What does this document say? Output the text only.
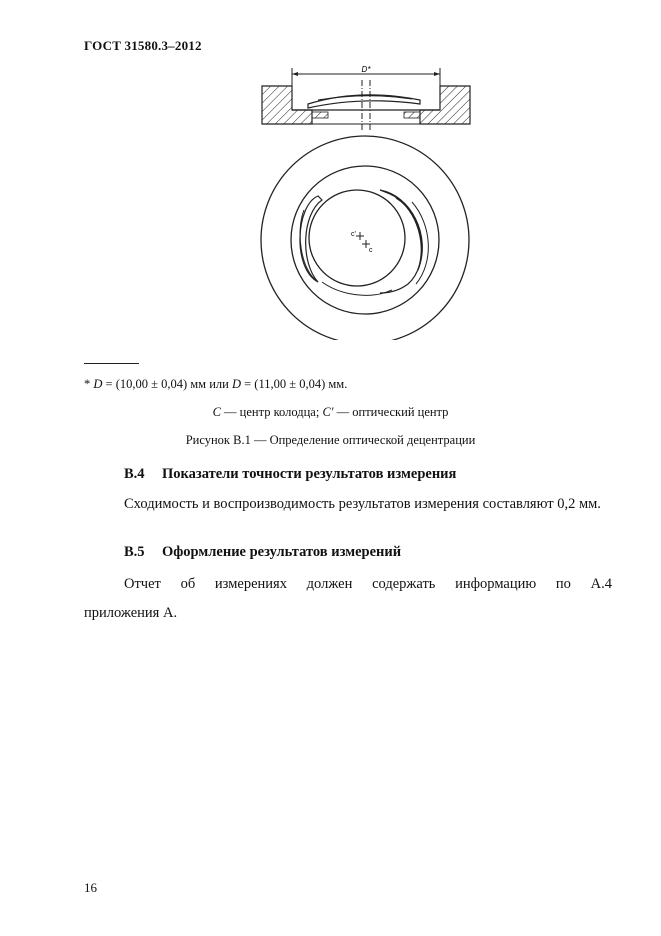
ГОСТ 31580.3–2012
D*
c'
c
* D = (10,00 ± 0,04) мм или D = (11,00 ± 0,04) мм.
C — центр колодца; C′ — оптический центр
Рисунок В.1 — Определение оптической децентрации
В.4 Показатели точности результатов измерения
Сходимость и воспроизводимость результатов измерения составляют 0,2 мм.
В.5 Оформление результатов измерений
Отчет об измерениях должен содержать информацию по А.4
приложения А.
16
